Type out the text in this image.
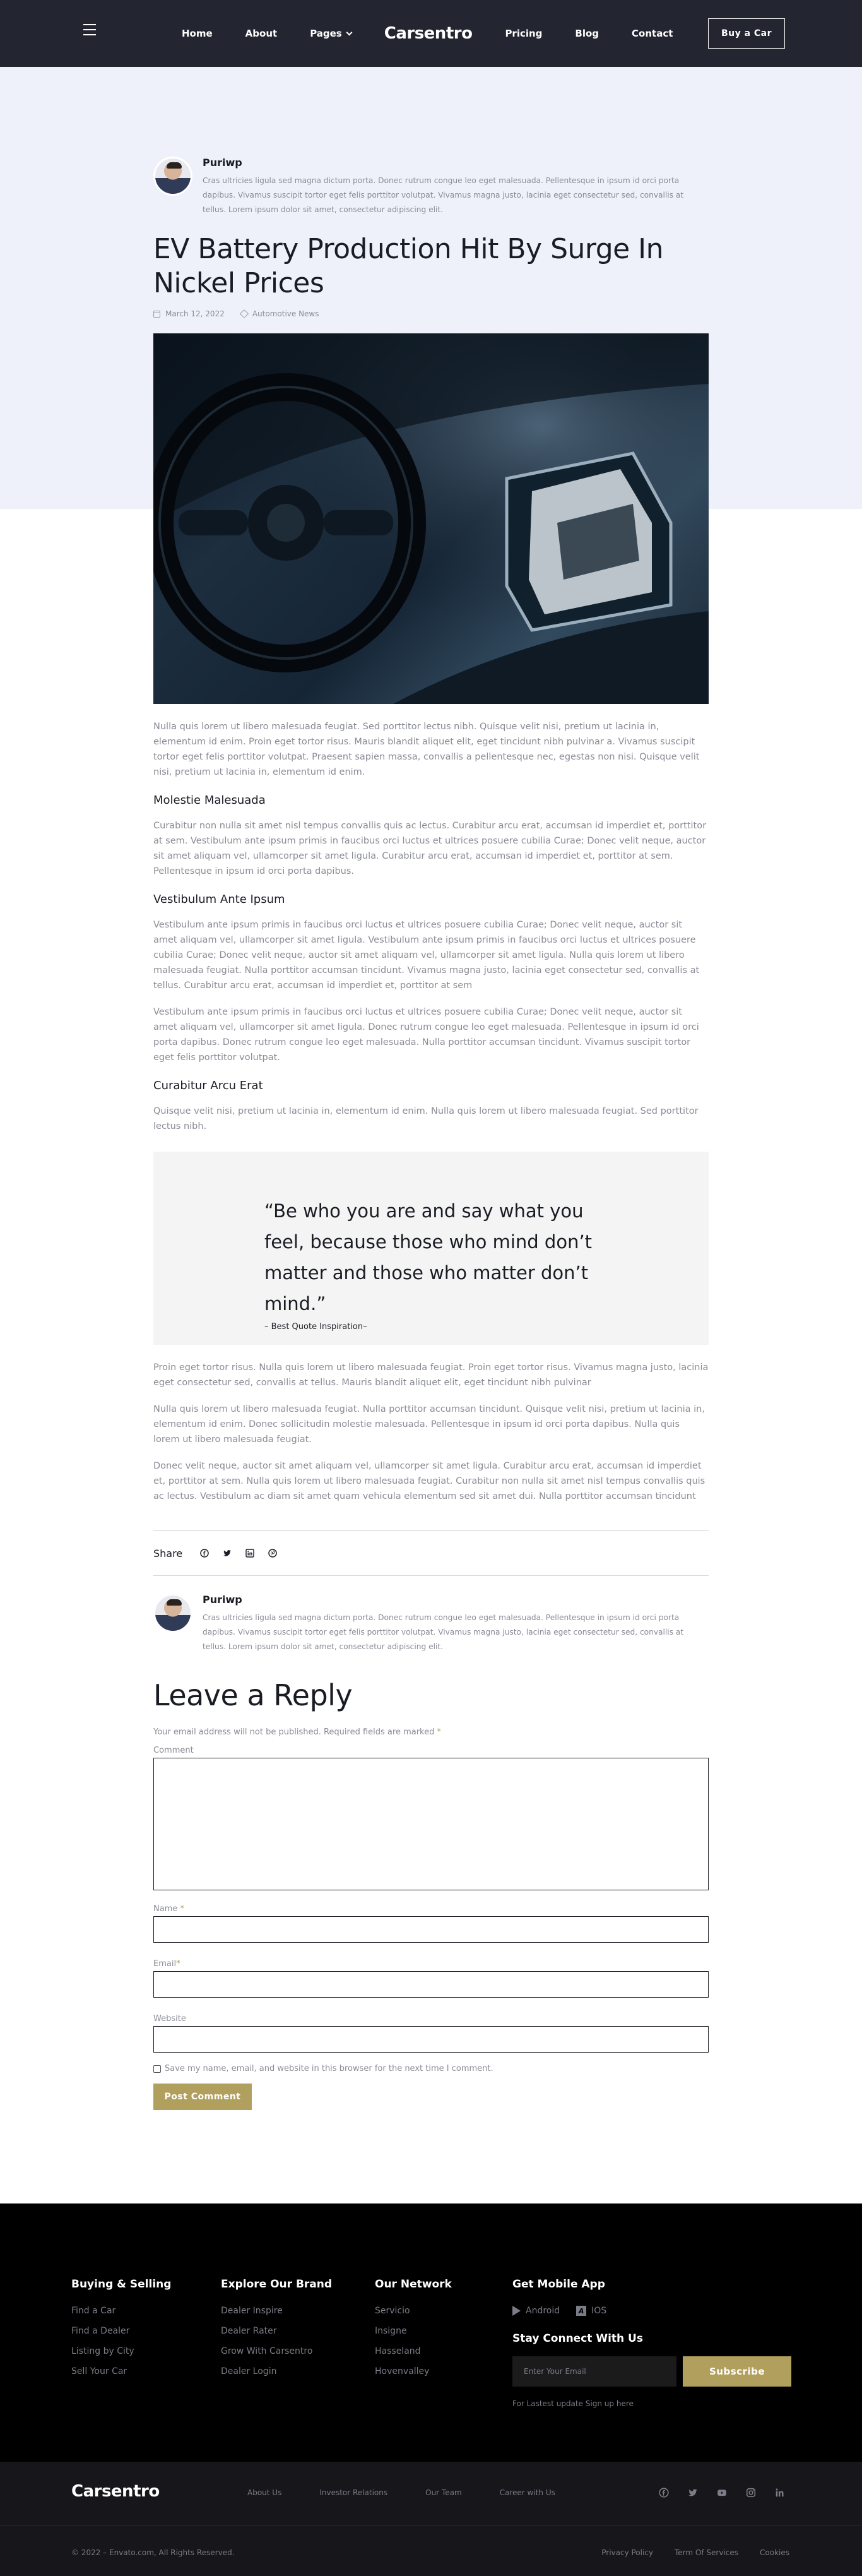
Home	About	Pages	Carsentro	Pricing	Blog	Contact	Buy a Car
Puriwp
Cras ultricies ligula sed magna dictum porta. Donec rutrum congue leo eget malesuada. Pellentesque in ipsum id orci porta dapibus. Vivamus suscipit tortor eget felis porttitor volutpat. Vivamus magna justo, lacinia eget consectetur sed, convallis at tellus. Lorem ipsum dolor sit amet, consectetur adipiscing elit.
EV Battery Production Hit By Surge In Nickel Prices
March 12, 2022	Automotive News

Nulla quis lorem ut libero malesuada feugiat. Sed porttitor lectus nibh. Quisque velit nisi, pretium ut lacinia in, elementum id enim. Proin eget tortor risus. Mauris blandit aliquet elit, eget tincidunt nibh pulvinar a. Vivamus suscipit tortor eget felis porttitor volutpat. Praesent sapien massa, convallis a pellentesque nec, egestas non nisi. Quisque velit nisi, pretium ut lacinia in, elementum id enim.

Molestie Malesuada

Curabitur non nulla sit amet nisl tempus convallis quis ac lectus. Curabitur arcu erat, accumsan id imperdiet et, porttitor at sem. Vestibulum ante ipsum primis in faucibus orci luctus et ultrices posuere cubilia Curae; Donec velit neque, auctor sit amet aliquam vel, ullamcorper sit amet ligula. Curabitur arcu erat, accumsan id imperdiet et, porttitor at sem. Pellentesque in ipsum id orci porta dapibus.

Vestibulum Ante Ipsum

Vestibulum ante ipsum primis in faucibus orci luctus et ultrices posuere cubilia Curae; Donec velit neque, auctor sit amet aliquam vel, ullamcorper sit amet ligula. Vestibulum ante ipsum primis in faucibus orci luctus et ultrices posuere cubilia Curae; Donec velit neque, auctor sit amet aliquam vel, ullamcorper sit amet ligula. Nulla quis lorem ut libero malesuada feugiat. Nulla porttitor accumsan tincidunt. Vivamus magna justo, lacinia eget consectetur sed, convallis at tellus. Curabitur arcu erat, accumsan id imperdiet et, porttitor at sem

Vestibulum ante ipsum primis in faucibus orci luctus et ultrices posuere cubilia Curae; Donec velit neque, auctor sit amet aliquam vel, ullamcorper sit amet ligula. Donec rutrum congue leo eget malesuada. Pellentesque in ipsum id orci porta dapibus. Donec rutrum congue leo eget malesuada. Nulla porttitor accumsan tincidunt. Vivamus suscipit tortor eget felis porttitor volutpat.

Curabitur Arcu Erat

Quisque velit nisi, pretium ut lacinia in, elementum id enim. Nulla quis lorem ut libero malesuada feugiat. Sed porttitor lectus nibh.

“Be who you are and say what you feel, because those who mind don’t matter and those who matter don’t mind.”
– Best Quote Inspiration–

Proin eget tortor risus. Nulla quis lorem ut libero malesuada feugiat. Proin eget tortor risus. Vivamus magna justo, lacinia eget consectetur sed, convallis at tellus. Mauris blandit aliquet elit, eget tincidunt nibh pulvinar

Nulla quis lorem ut libero malesuada feugiat. Nulla porttitor accumsan tincidunt. Quisque velit nisi, pretium ut lacinia in, elementum id enim. Donec sollicitudin molestie malesuada. Pellentesque in ipsum id orci porta dapibus. Nulla quis lorem ut libero malesuada feugiat.

Donec velit neque, auctor sit amet aliquam vel, ullamcorper sit amet ligula. Curabitur arcu erat, accumsan id imperdiet et, porttitor at sem. Nulla quis lorem ut libero malesuada feugiat. Curabitur non nulla sit amet nisl tempus convallis quis ac lectus. Vestibulum ac diam sit amet quam vehicula elementum sed sit amet dui. Nulla porttitor accumsan tincidunt

Share
Puriwp
Cras ultricies ligula sed magna dictum porta. Donec rutrum congue leo eget malesuada. Pellentesque in ipsum id orci porta dapibus. Vivamus suscipit tortor eget felis porttitor volutpat. Vivamus magna justo, lacinia eget consectetur sed, convallis at tellus. Lorem ipsum dolor sit amet, consectetur adipiscing elit.
Leave a Reply

Your email address will not be published. Required fields are marked *

Comment
Name *
Email*
Website
Save my name, email, and website in this browser for the next time I comment.
Post Comment
Buying & Selling
Find a Car
Find a Dealer
Listing by City
Sell Your Car
Explore Our Brand
Dealer Inspire
Dealer Rater
Grow With Carsentro
Dealer Login
Our Network
Servicio
Insigne
Hasseland
Hovenvalley
Get Mobile App
Android	A IOS
Stay Connect With Us
Enter Your Email	Subscribe
For Lastest update Sign up here
Carsentro	About Us	Investor Relations	Our Team	Career with Us
© 2022 – Envato.com, All Rights Reserved.	Privacy Policy	Term Of Services	Cookies
